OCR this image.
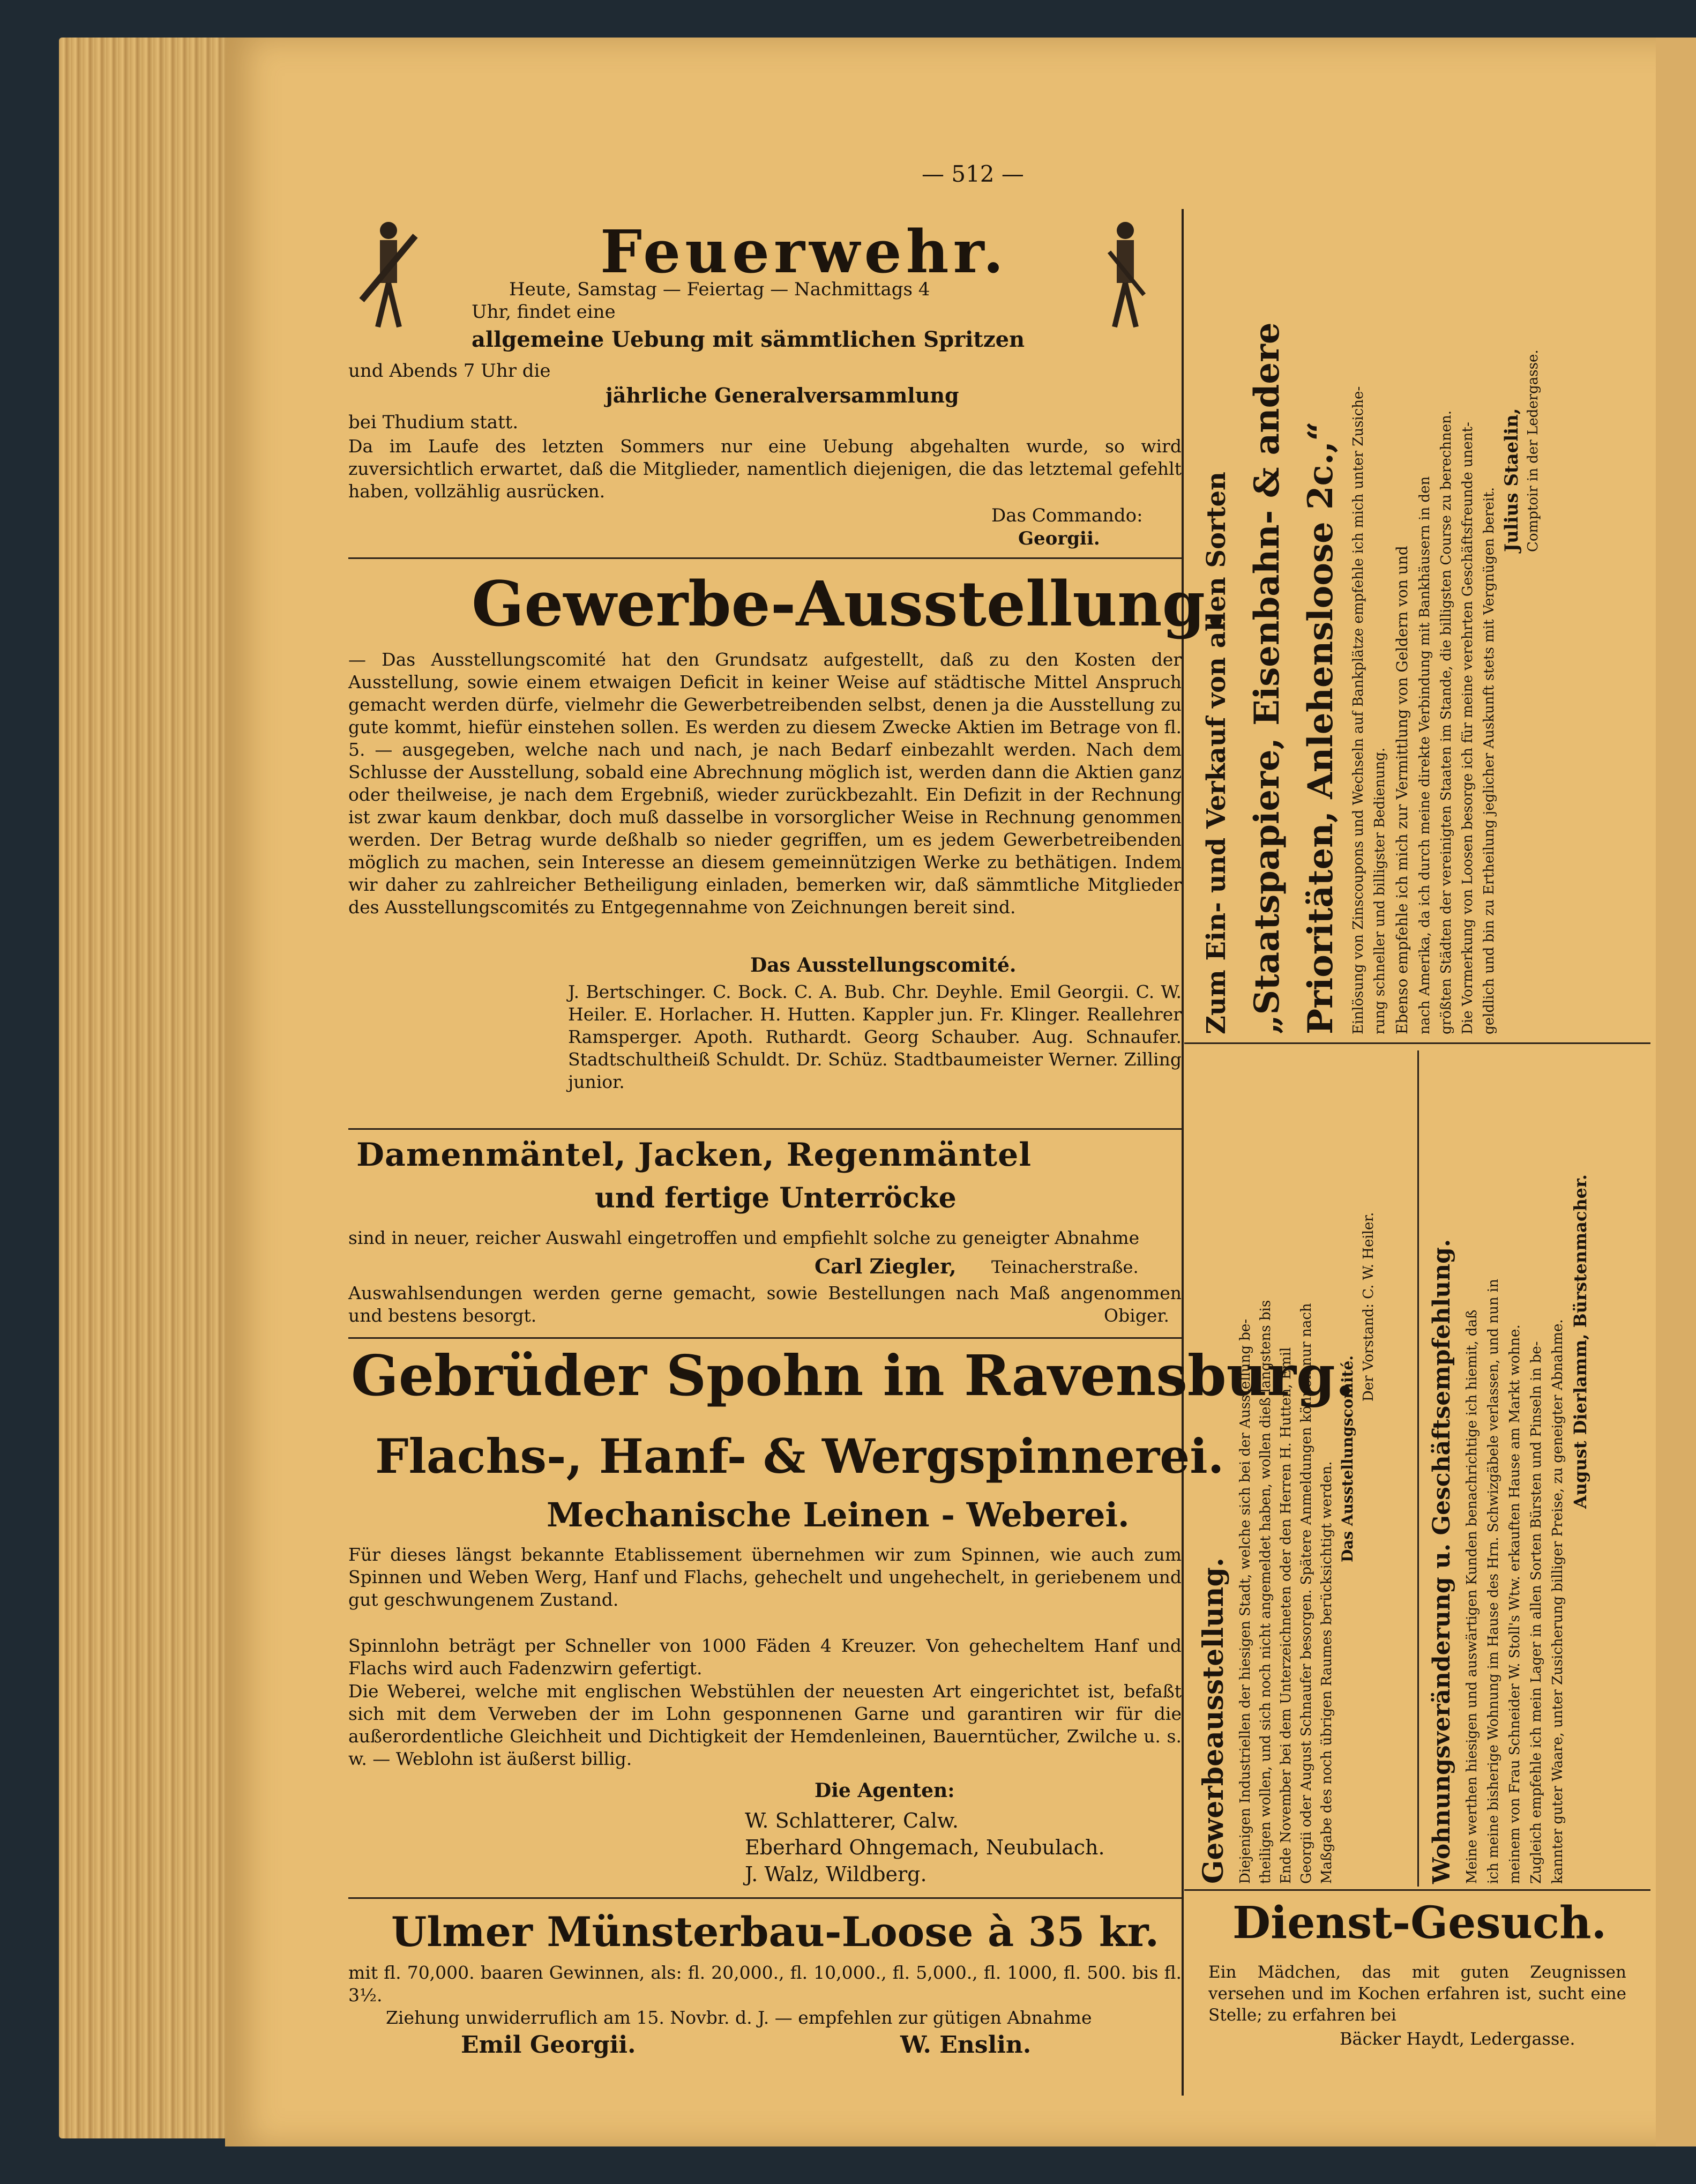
— 512 —
Feuerwehr.
Heute, Samstag — Feiertag — Nachmittags 4
Uhr, findet eine
allgemeine Uebung mit sämmtlichen Spritzen
und Abends 7 Uhr die
jährliche Generalversammlung
bei Thudium statt.
Da im Laufe des letzten Sommers nur eine Uebung abgehalten wurde, so wird zuversichtlich erwartet, daß die Mitglieder, namentlich diejenigen, die das letztemal gefehlt haben, vollzählig ausrücken.
Das Commando:
Georgii.
Gewerbe-Ausstellung.
— Das Ausstellungscomité hat den Grundsatz aufgestellt, daß zu den Kosten der Ausstellung, sowie einem etwaigen Deficit in keiner Weise auf städtische Mittel Anspruch gemacht werden dürfe, vielmehr die Gewerbetreibenden selbst, denen ja die Ausstellung zu gute kommt, hiefür einstehen sollen. Es werden zu diesem Zwecke Aktien im Betrage von fl. 5. — ausgegeben, welche nach und nach, je nach Bedarf einbezahlt werden. Nach dem Schlusse der Ausstellung, sobald eine Abrechnung möglich ist, werden dann die Aktien ganz oder theilweise, je nach dem Ergebniß, wieder zurückbezahlt. Ein Defizit in der Rechnung ist zwar kaum denkbar, doch muß dasselbe in vorsorglicher Weise in Rechnung genommen werden. Der Betrag wurde deßhalb so nieder gegriffen, um es jedem Gewerbetreibenden möglich zu machen, sein Interesse an diesem gemeinnützigen Werke zu bethätigen. Indem wir daher zu zahlreicher Betheiligung einladen, bemerken wir, daß sämmtliche Mitglieder des Ausstellungscomités zu Entgegennahme von Zeichnungen bereit sind.
Das Ausstellungscomité.
J. Bertschinger. C. Bock. C. A. Bub. Chr. Deyhle. Emil Georgii. C. W. Heiler. E. Horlacher. H. Hutten. Kappler jun. Fr. Klinger. Reallehrer Ramsperger. Apoth. Ruthardt. Georg Schauber. Aug. Schnaufer. Stadtschultheiß Schuldt. Dr. Schüz. Stadtbaumeister Werner. Zilling junior.
Damenmäntel, Jacken, Regenmäntel
und fertige Unterröcke
sind in neuer, reicher Auswahl eingetroffen und empfiehlt solche zu geneigter Abnahme
Carl Ziegler, Teinacherstraße.
Auswahlsendungen werden gerne gemacht, sowie Bestellungen nach Maß angenommen und bestens besorgt.	Obiger.
Gebrüder Spohn in Ravensburg.
Flachs-, Hanf- & Wergspinnerei.
Mechanische Leinen - Weberei.
Für dieses längst bekannte Etablissement übernehmen wir zum Spinnen, wie auch zum Spinnen und Weben Werg, Hanf und Flachs, gehechelt und ungehechelt, in geriebenem und gut geschwungenem Zustand.
Spinnlohn beträgt per Schneller von 1000 Fäden 4 Kreuzer. Von gehecheltem Hanf und Flachs wird auch Fadenzwirn gefertigt.
Die Weberei, welche mit englischen Webstühlen der neuesten Art eingerichtet ist, befaßt sich mit dem Verweben der im Lohn gesponnenen Garne und garantiren wir für die außerordentliche Gleichheit und Dichtigkeit der Hemdenleinen, Bauerntücher, Zwilche u. s. w. — Weblohn ist äußerst billig.
Die Agenten:
W. Schlatterer, Calw.
Eberhard Ohngemach, Neubulach.
J. Walz, Wildberg.
Ulmer Münsterbau-Loose à 35 kr.
mit fl. 70,000. baaren Gewinnen, als: fl. 20,000., fl. 10,000., fl. 5,000., fl. 1000, fl. 500. bis fl. 3½.
Ziehung unwiderruflich am 15. Novbr. d. J. — empfehlen zur gütigen Abnahme
Emil Georgii.	W. Enslin.
Zum Ein- und Verkauf von allen Sorten „Staatspapiere, Eisenbahn- & andere Prioritäten, Anlehensloose 2c.,“ Einlösung von Zinscoupons und Wechseln auf Bankplätze empfehle ich mich unter Zusiche- rung schneller und billigster Bedienung. Ebenso empfehle ich mich zur Vermittlung von Geldern von und nach Amerika, da ich durch meine direkte Verbindung mit Bankhäusern in den größten Städten der vereinigten Staaten im Stande, die billigsten Course zu berechnen. Die Vormerkung von Loosen besorge ich für meine verehrten Geschäftsfreunde unent- geldlich und bin zu Ertheilung jeglicher Auskunft stets mit Vergnügen bereit.
Julius Staelin, Comptoir in der Ledergasse.
Gewerbeausstellung. Diejenigen Industriellen der hiesigen Stadt, welche sich bei der Ausstellung be- theiligen wollen, und sich noch nicht angemeldet haben, wollen dieß längstens bis Ende November bei dem Unterzeichneten oder den Herren H. Hutten, Emil Georgii oder August Schnaufer besorgen. Spätere Anmeldungen können nur nach Maßgabe des noch übrigen Raumes berücksichtigt werden.
Das Ausstellungscomité.
Der Vorstand: C. W. Heiler. Wohnungsveränderung u. Geschäftsempfehlung. Meine werthen hiesigen und auswärtigen Kunden benachrichtige ich hiemit, daß ich meine bisherige Wohnung im Hause des Hrn. Schwizgäbele verlassen, und nun in meinem von Frau Schneider W. Stoll's Wtw. erkauften Hause am Markt wohne. Zugleich empfehle ich mein Lager in allen Sorten Bürsten und Pinseln in be- kannter guter Waare, unter Zusicherung billiger Preise, zu geneigter Abnahme. August Dierlamm, Bürstenmacher.
Dienst-Gesuch.
Ein Mädchen, das mit guten Zeugnissen versehen und im Kochen erfahren ist, sucht eine Stelle; zu erfahren bei
Bäcker Haydt, Ledergasse.
